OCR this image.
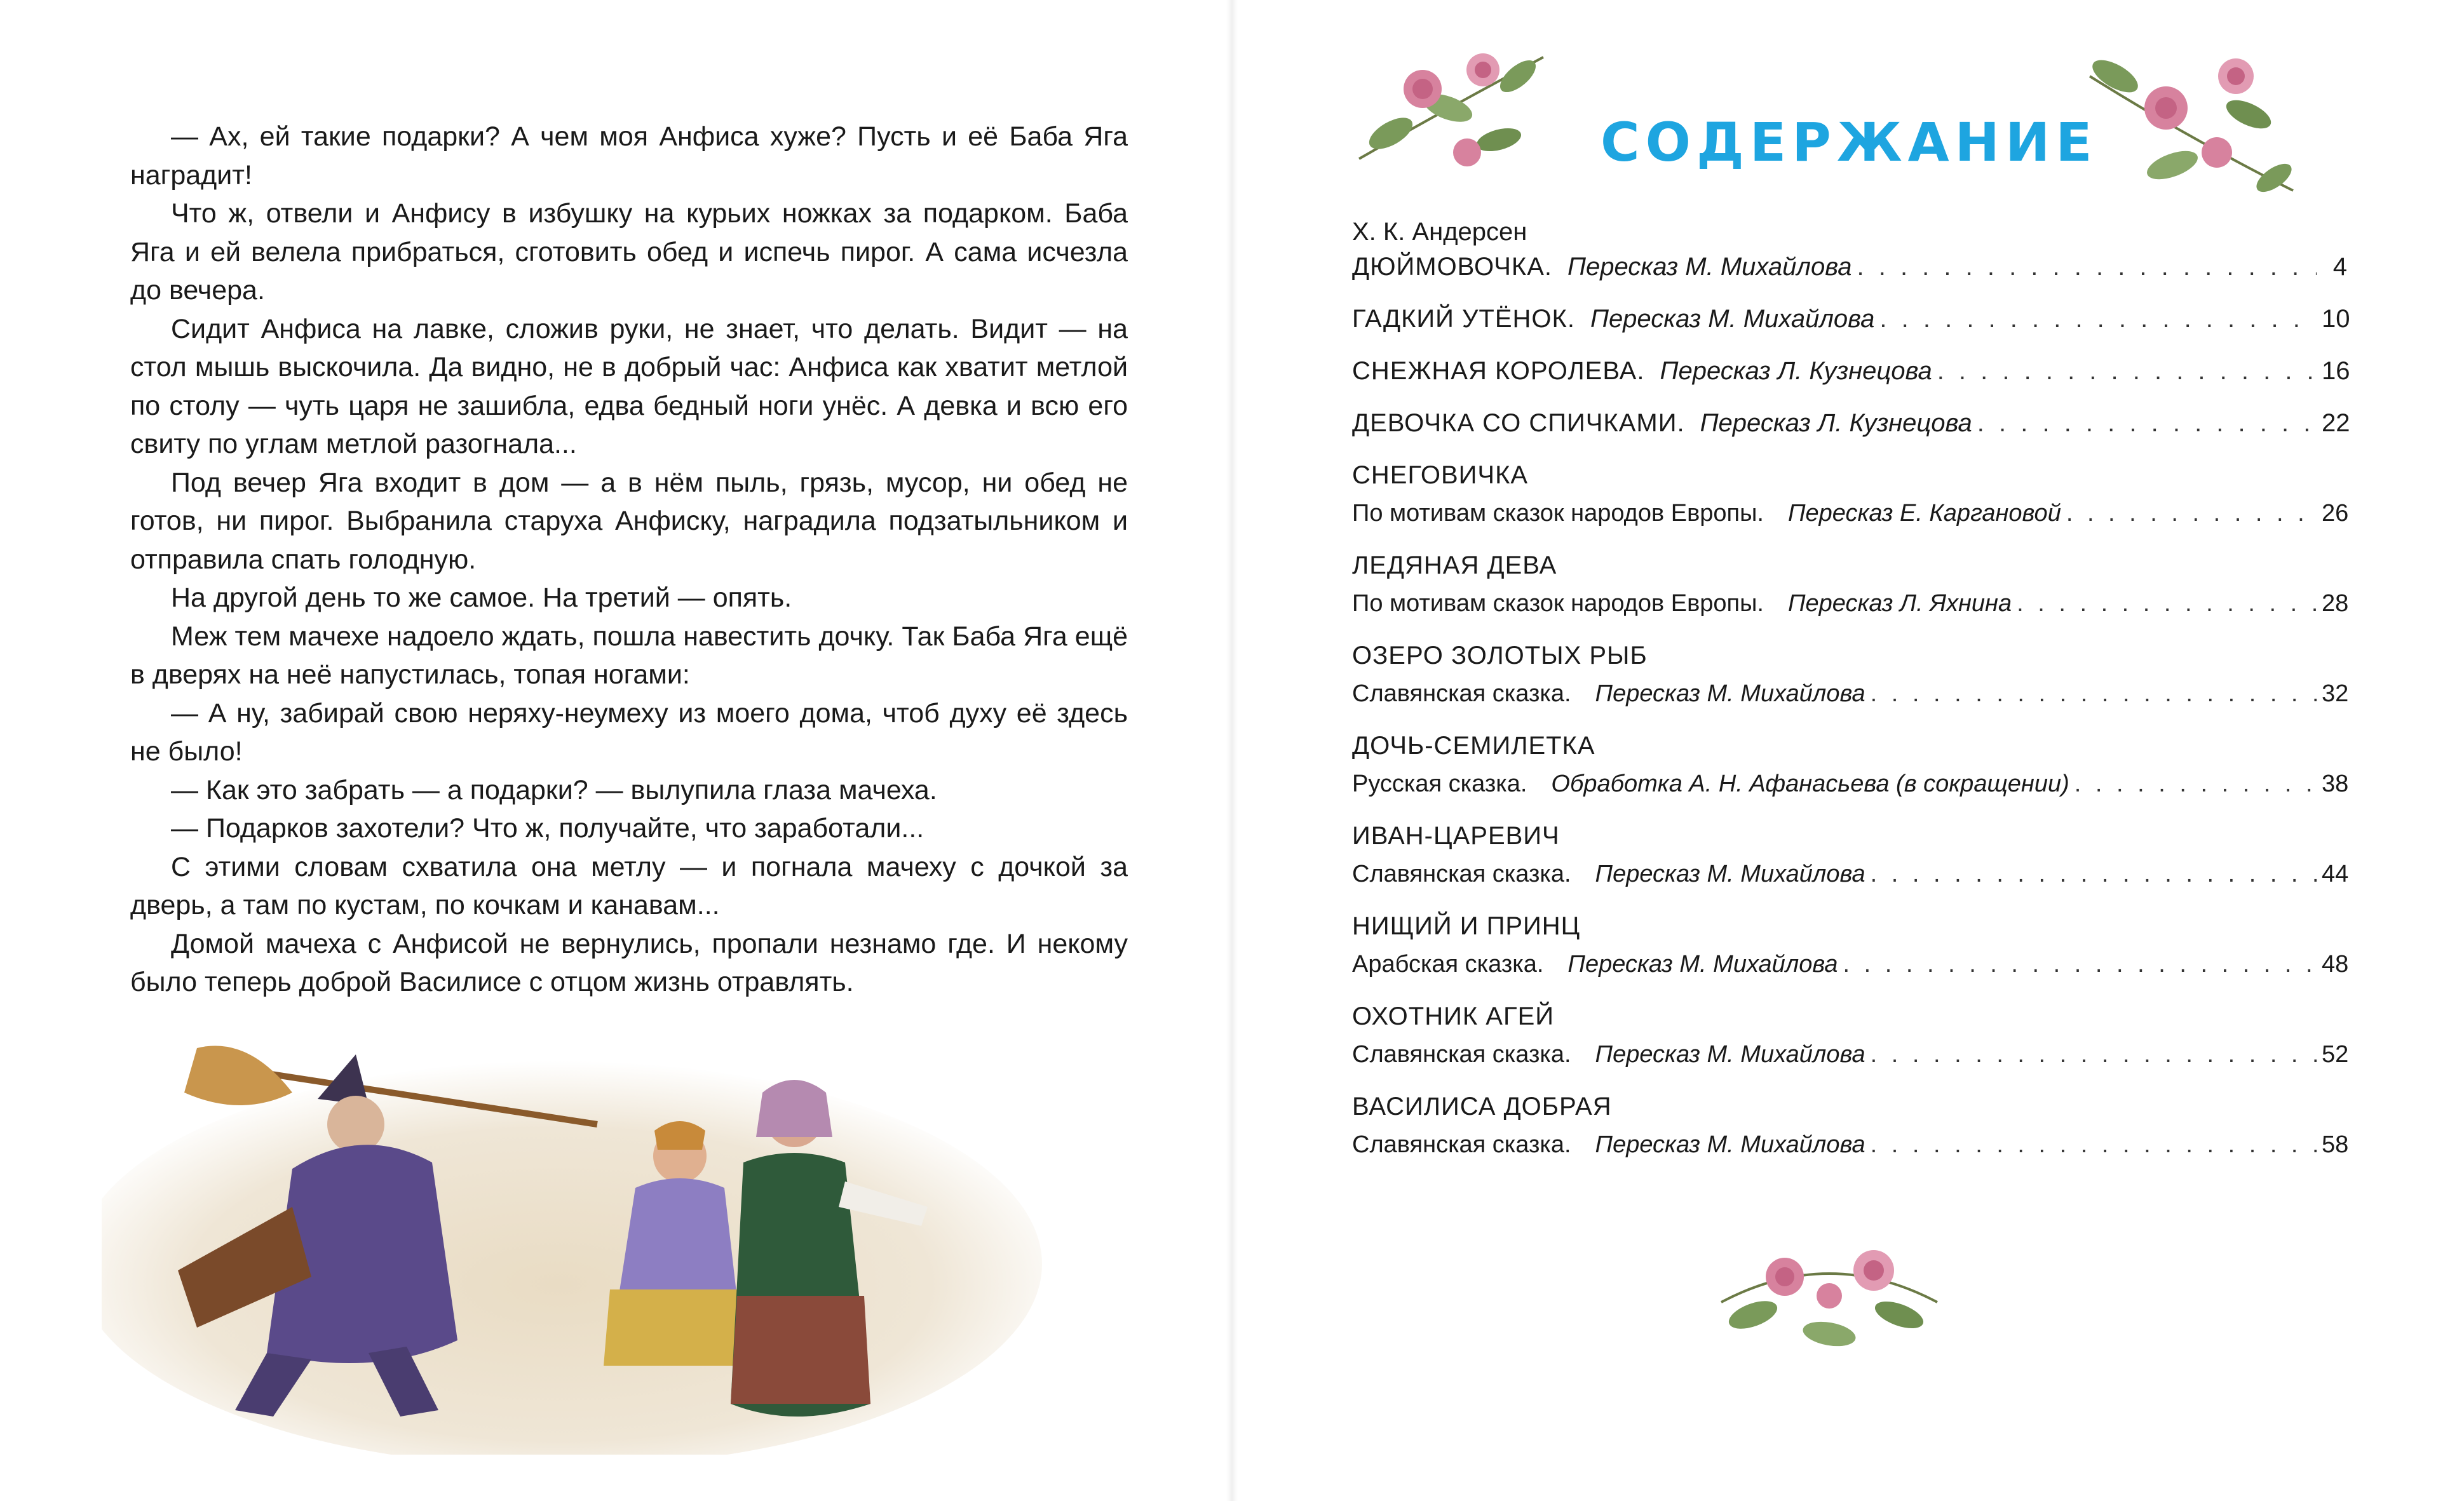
— Ах, ей такие подарки? А чем моя Анфиса хуже? Пусть и её Баба Яга наградит!

Что ж, отвели и Анфису в избушку на курьих ножках за подарком. Баба Яга и ей велела прибраться, сготовить обед и испечь пирог. А сама исчезла до вечера.

Сидит Анфиса на лавке, сложив руки, не знает, что делать. Видит — на стол мышь выскочила. Да видно, не в добрый час: Анфиса как хватит метлой по столу — чуть царя не зашибла, едва бедный ноги унёс. А девка и всю его свиту по углам метлой разогнала...

Под вечер Яга входит в дом — а в нём пыль, грязь, мусор, ни обед не готов, ни пирог. Выбранила старуха Анфиску, наградила подзатыльником и отправила спать голодную.

На другой день то же самое. На третий — опять.

Меж тем мачехе надоело ждать, пошла навестить дочку. Так Баба Яга ещё в дверях на неё напустилась, топая ногами:

— А ну, забирай свою неряху-неумеху из моего дома, чтоб духу её здесь не было!

— Как это забрать — а подарки? — вылупила глаза мачеха.

— Подарков захотели? Что ж, получайте, что заработали...

С этими словам схватила она метлу — и погнала мачеху с дочкой за дверь, а там по кустам, по кочкам и канавам...

Домой мачеха с Анфисой не вернулись, пропали незнамо где. И некому было теперь доброй Василисе с отцом жизнь отравлять.

СОДЕРЖАНИЕ

Х. К. Андерсен

ДЮЙМОВОЧКА. Пересказ М. Михайлова . . .	4
ГАДКИЙ УТЁНОК. Пересказ М. Михайлова . . .	10
СНЕЖНАЯ КОРОЛЕВА. Пересказ Л. Кузнецова . . .	16
ДЕВОЧКА СО СПИЧКАМИ. Пересказ Л. Кузнецова . . .	22
СНЕГОВИЧКА
По мотивам сказок народов Европы. Пересказ Е. Каргановой . . .	26
ЛЕДЯНАЯ ДЕВА
По мотивам сказок народов Европы. Пересказ Л. Яхнина . . .	28
ОЗЕРО ЗОЛОТЫХ РЫБ
Славянская сказка. Пересказ М. Михайлова . . .	32
ДОЧЬ-СЕМИЛЕТКА
Русская сказка. Обработка А. Н. Афанасьева (в сокращении) . . .	38
ИВАН-ЦАРЕВИЧ
Славянская сказка. Пересказ М. Михайлова . . .	44
НИЩИЙ И ПРИНЦ
Арабская сказка. Пересказ М. Михайлова . . .	48
ОХОТНИК АГЕЙ
Славянская сказка. Пересказ М. Михайлова . . .	52
ВАСИЛИСА ДОБРАЯ
Славянская сказка. Пересказ М. Михайлова . . .	58
